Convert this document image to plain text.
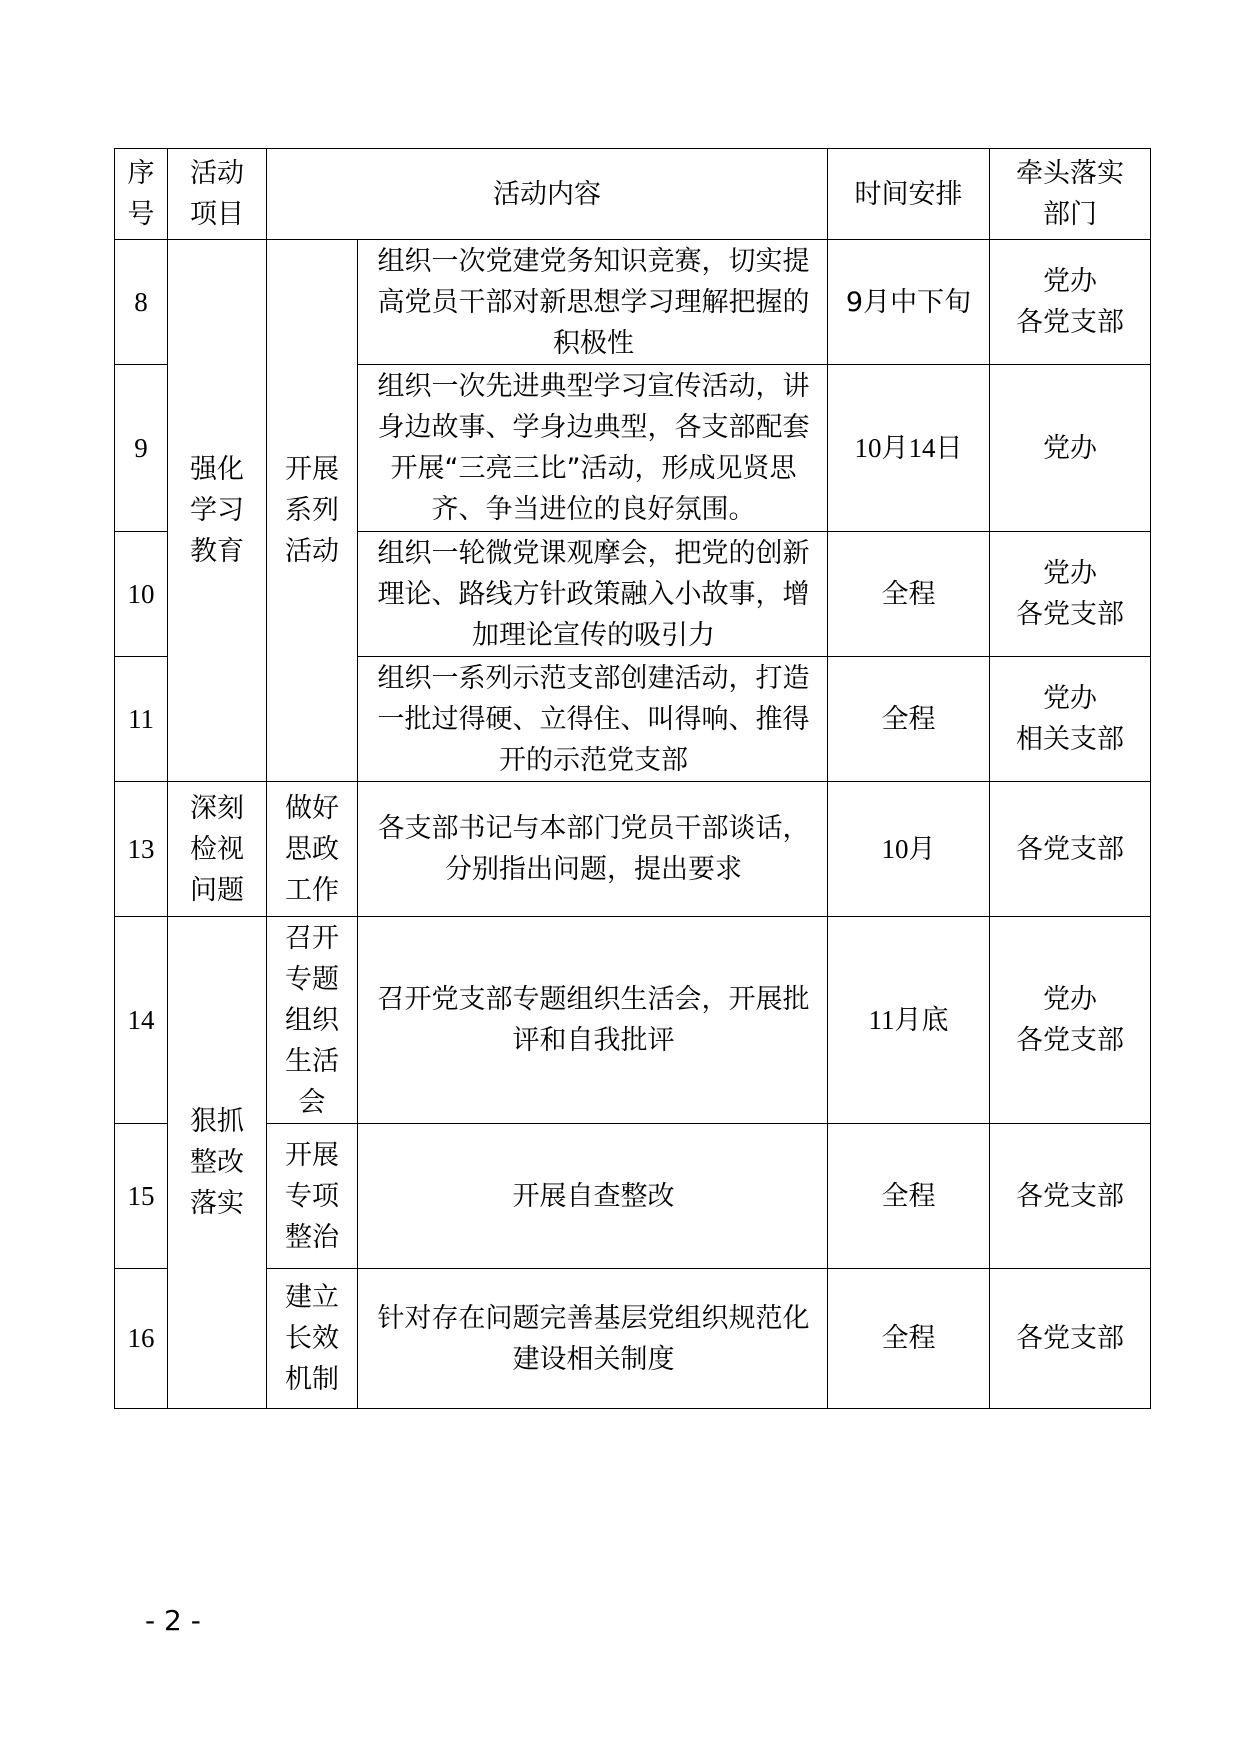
序号	活动项目	活动内容		时间安排	牵头落实部门

8	强化学习教育	开展系列活动	组织一次党建党务知识竞赛，切实提高党员干部对新思想学习理解把握的积极性	9月中下旬	党办
各党支部

9			组织一次先进典型学习宣传活动，讲身边故事、学身边典型，各支部配套开展“三亮三比”活动，形成见贤思齐、争当进位的良好氛围。	10月14日	党办

10			组织一轮微党课观摩会，把党的创新理论、路线方针政策融入小故事，增加理论宣传的吸引力	全程	党办
各党支部

11			组织一系列示范支部创建活动，打造一批过得硬、立得住、叫得响、推得开的示范党支部	全程	党办
相关支部

13	深刻检视问题	做好思政工作	各支部书记与本部门党员干部谈话，分别指出问题，提出要求	10月	各党支部

14	狠抓整改落实	召开专题组织生活会	召开党支部专题组织生活会，开展批评和自我批评	11月底	党办
各党支部

15		开展专项整治	开展自查整改	全程	各党支部

16		建立长效机制	针对存在问题完善基层党组织规范化建设相关制度	全程	各党支部
- 2 -
